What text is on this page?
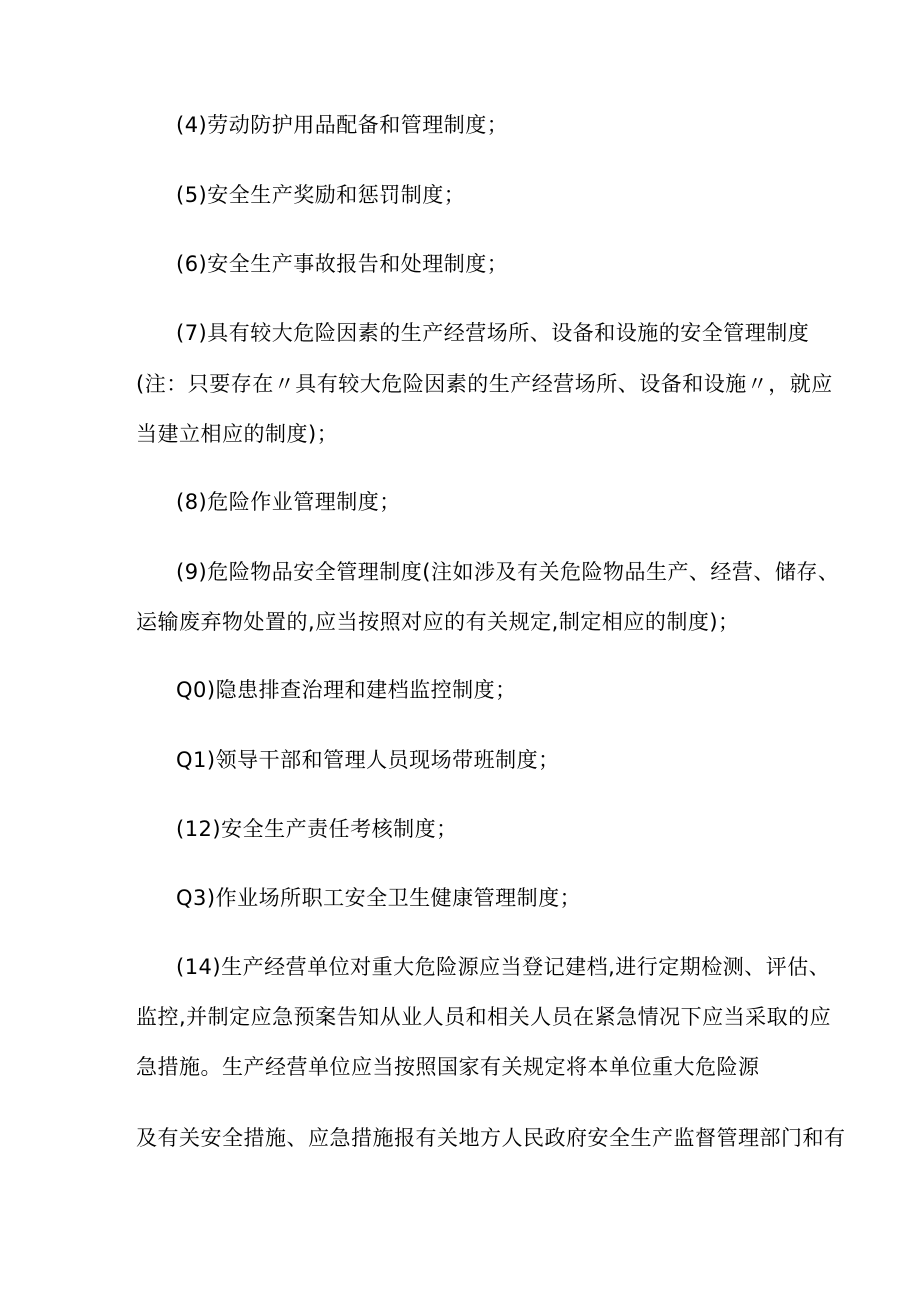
(4)劳动防护用品配备和管理制度；
(5)安全生产奖励和惩罚制度；
(6)安全生产事故报告和处理制度；
(7)具有较大危险因素的生产经营场所、设备和设施的安全管理制度
(注：只要存在〃具有较大危险因素的生产经营场所、设备和设施〃，就应
当建立相应的制度)；
(8)危险作业管理制度；
(9)危险物品安全管理制度(注如涉及有关危险物品生产、经营、储存、
运输废弃物处置的,应当按照对应的有关规定,制定相应的制度)；
Q0)隐患排查治理和建档监控制度；
Q1)领导干部和管理人员现场带班制度；
(12)安全生产责任考核制度；
Q3)作业场所职工安全卫生健康管理制度；
(14)生产经营单位对重大危险源应当登记建档,进行定期检测、评估、
监控,并制定应急预案告知从业人员和相关人员在紧急情况下应当采取的应
急措施。生产经营单位应当按照国家有关规定将本单位重大危险源
及有关安全措施、应急措施报有关地方人民政府安全生产监督管理部门和有
